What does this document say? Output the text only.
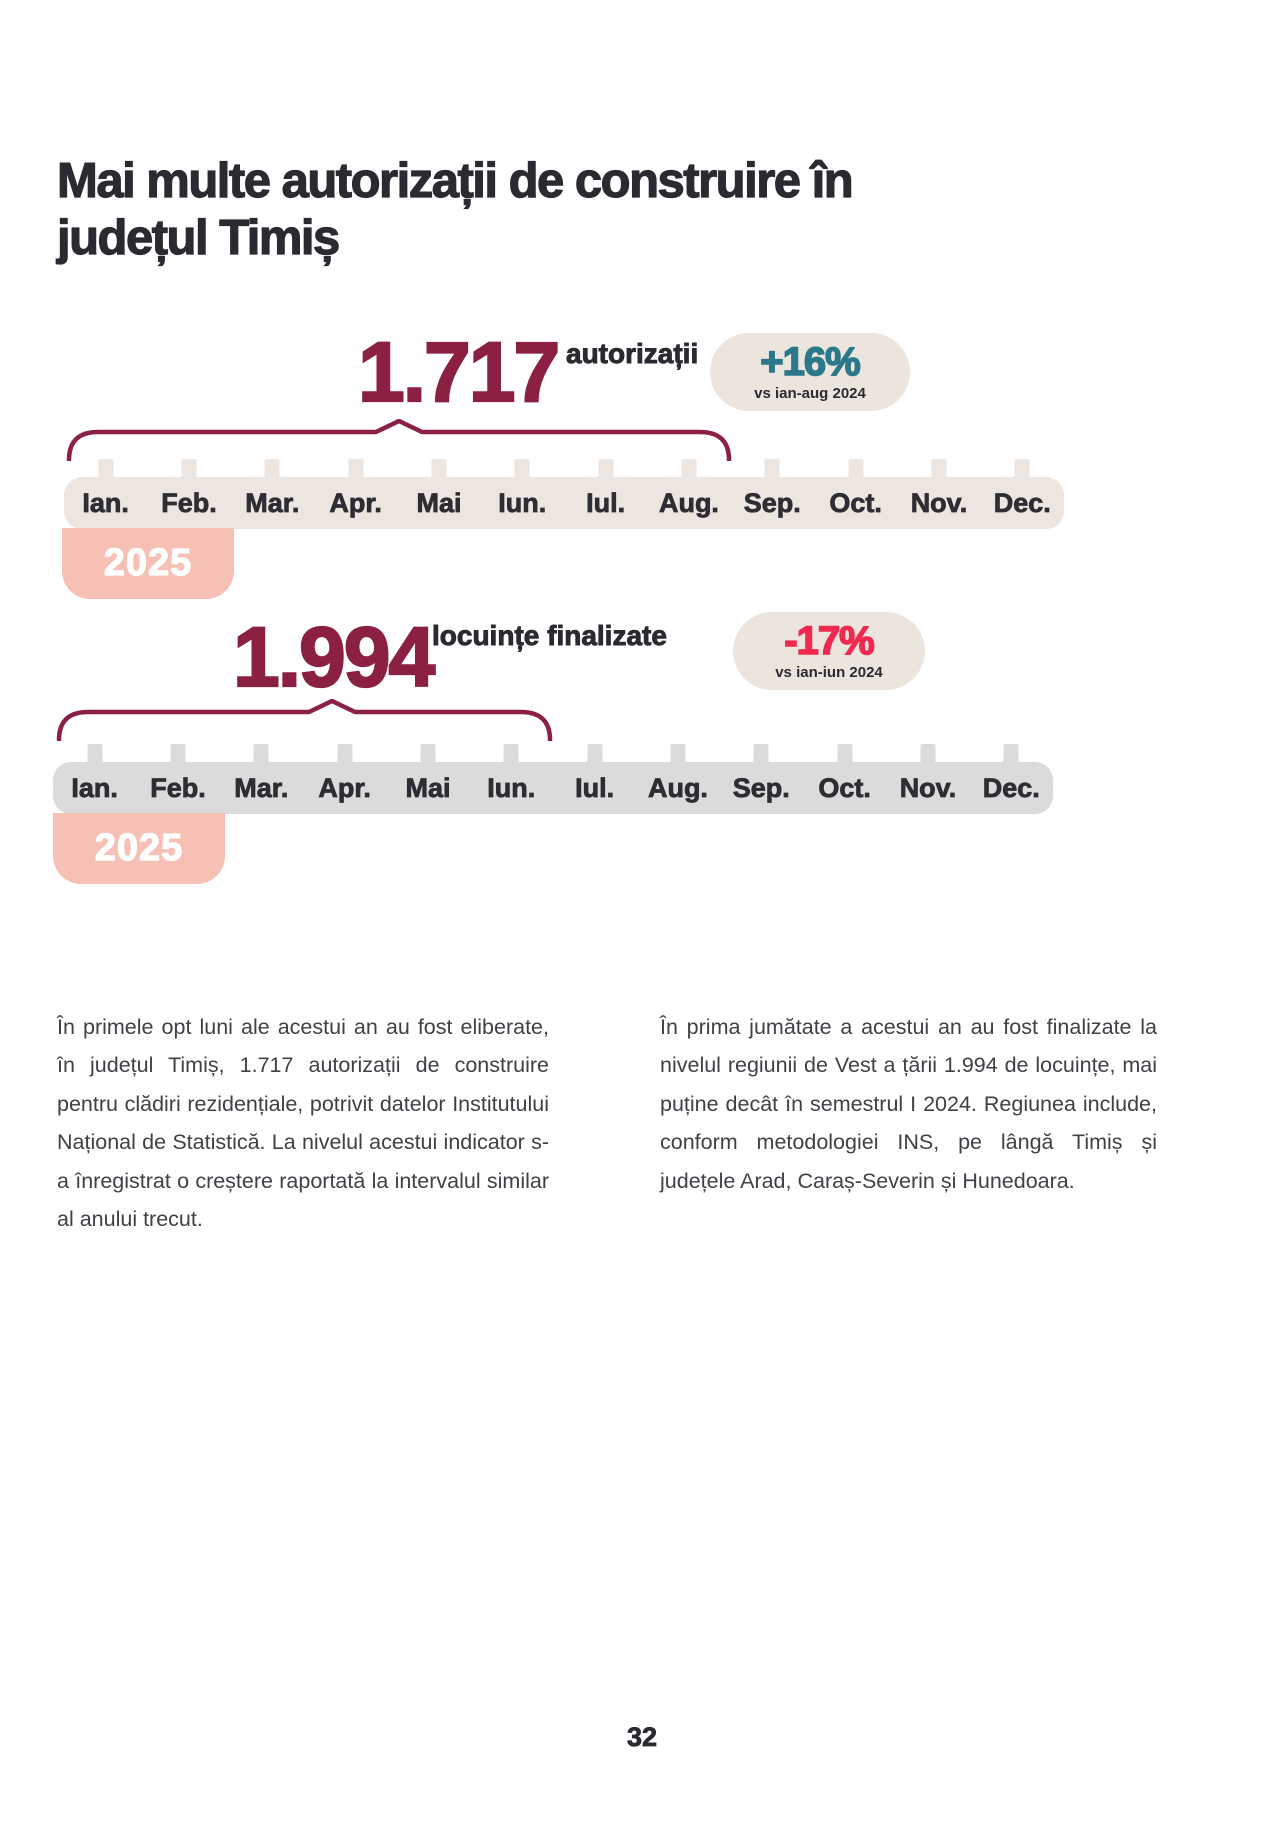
Mai multe autorizații de construire în
județul Timiș
1.717 autorizații +16%
vs ian-aug 2024
Ian. Feb. Mar. Apr. Mai Iun. Iul. Aug. Sep. Oct. Nov. Dec.
2025
1.994
locuințe finalizate	-17%
vs ian-iun 2024
Ian. Feb. Mar. Apr. Mai Iun. Iul. Aug. Sep. Oct. Nov. Dec.
2025

În primele opt luni ale acestui an au fost eliberate, în județul Timiș, 1.717 autorizații de construire pentru clădiri rezidențiale, potrivit datelor Institutului Național de Statistică. La nivelul acestui indicator s-a înregistrat o creștere raportată la intervalul similar al anului trecut.

În prima jumătate a acestui an au fost finalizate la nivelul regiunii de Vest a țării 1.994 de locuințe, mai puține decât în semestrul I 2024. Regiunea include, conform metodologiei INS, pe lângă Timiș și județele Arad, Caraș-Severin și Hunedoara.

32
